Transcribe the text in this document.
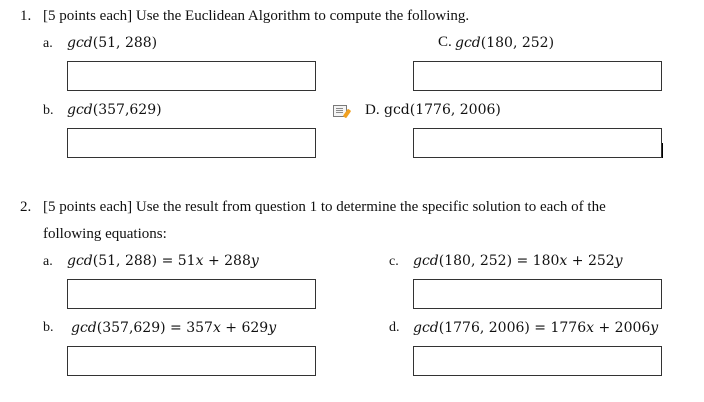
1. [5 points each] Use the Euclidean Algorithm to compute the following.
a. gcd(51, 288)	C. gcd(180, 252)
b. gcd(357,629)	D. gcd(1776, 2006)
2. [5 points each] Use the result from question 1 to determine the specific solution to each of the
following equations:
a. gcd(51, 288) = 51x + 288y	c. gcd(180, 252) = 180x + 252y
b. gcd(357,629) = 357x + 629y	d. gcd(1776, 2006) = 1776x + 2006y
